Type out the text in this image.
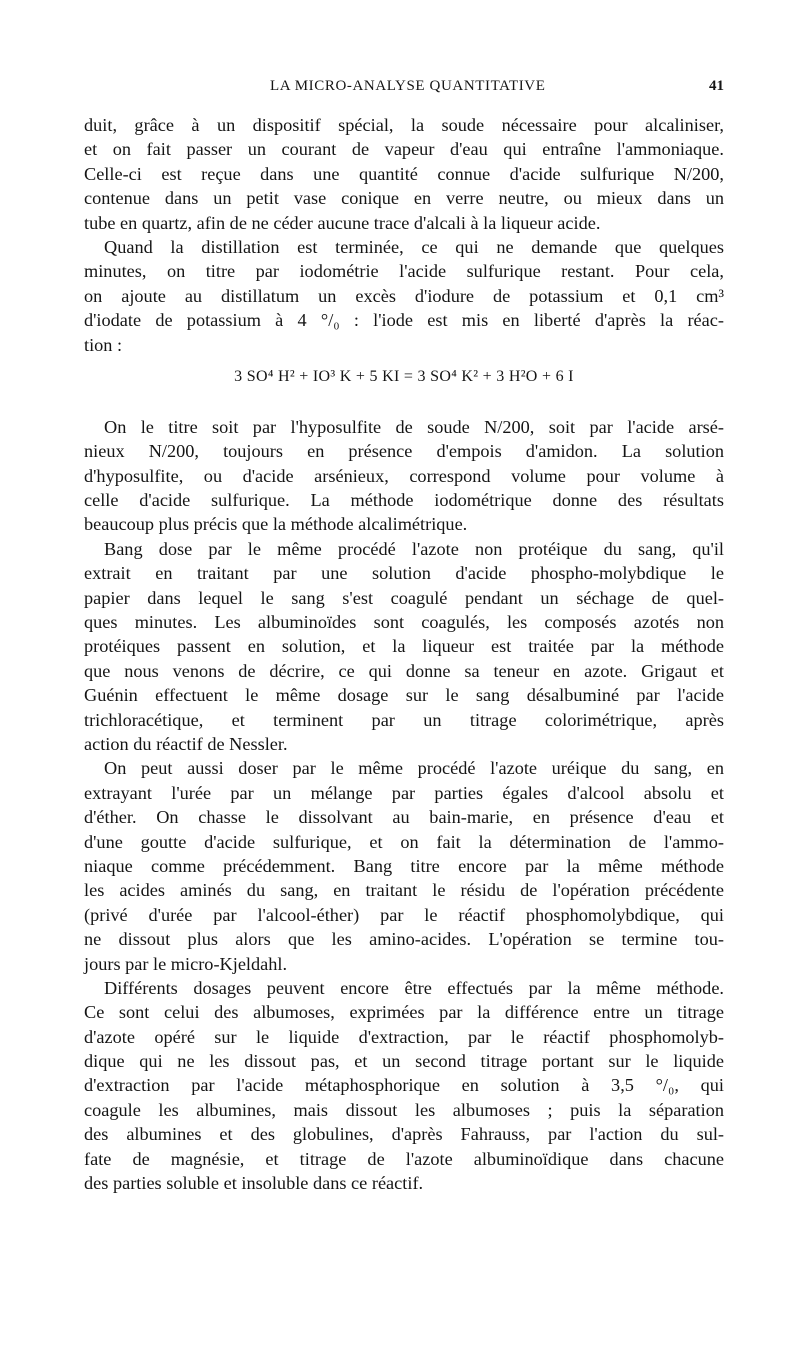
LA MICRO-ANALYSE QUANTITATIVE	41

duit, grâce à un dispositif spécial, la soude nécessaire pour alcaliniser,
et on fait passer un courant de vapeur d'eau qui entraîne l'ammoniaque.
Celle-ci est reçue dans une quantité connue d'acide sulfurique N/200,
contenue dans un petit vase conique en verre neutre, ou mieux dans un
tube en quartz, afin de ne céder aucune trace d'alcali à la liqueur acide.

Quand la distillation est terminée, ce qui ne demande que quelques
minutes, on titre par iodométrie l'acide sulfurique restant. Pour cela,
on ajoute au distillatum un excès d'iodure de potassium et 0,1 cm³
d'iodate de potassium à 4 °/₀ : l'iode est mis en liberté d'après la réac-
tion :

3 SO⁴ H² + IO³ K + 5 KI = 3 SO⁴ K² + 3 H²O + 6 I

On le titre soit par l'hyposulfite de soude N/200, soit par l'acide arsé-
nieux N/200, toujours en présence d'empois d'amidon. La solution
d'hyposulfite, ou d'acide arsénieux, correspond volume pour volume à
celle d'acide sulfurique. La méthode iodométrique donne des résultats
beaucoup plus précis que la méthode alcalimétrique.

Bang dose par le même procédé l'azote non protéique du sang, qu'il
extrait en traitant par une solution d'acide phospho-molybdique le
papier dans lequel le sang s'est coagulé pendant un séchage de quel-
ques minutes. Les albuminoïdes sont coagulés, les composés azotés non
protéiques passent en solution, et la liqueur est traitée par la méthode
que nous venons de décrire, ce qui donne sa teneur en azote. Grigaut et
Guénin effectuent le même dosage sur le sang désalbuminé par l'acide
trichloracétique, et terminent par un titrage colorimétrique, après
action du réactif de Nessler.

On peut aussi doser par le même procédé l'azote uréique du sang, en
extrayant l'urée par un mélange par parties égales d'alcool absolu et
d'éther. On chasse le dissolvant au bain-marie, en présence d'eau et
d'une goutte d'acide sulfurique, et on fait la détermination de l'ammo-
niaque comme précédemment. Bang titre encore par la même méthode
les acides aminés du sang, en traitant le résidu de l'opération précédente
(privé d'urée par l'alcool-éther) par le réactif phosphomolybdique, qui
ne dissout plus alors que les amino-acides. L'opération se termine tou-
jours par le micro-Kjeldahl.

Différents dosages peuvent encore être effectués par la même méthode.
Ce sont celui des albumoses, exprimées par la différence entre un titrage
d'azote opéré sur le liquide d'extraction, par le réactif phosphomolyb-
dique qui ne les dissout pas, et un second titrage portant sur le liquide
d'extraction par l'acide métaphosphorique en solution à 3,5 °/₀, qui
coagule les albumines, mais dissout les albumoses ; puis la séparation
des albumines et des globulines, d'après Fahrauss, par l'action du sul-
fate de magnésie, et titrage de l'azote albuminoïdique dans chacune
des parties soluble et insoluble dans ce réactif.
